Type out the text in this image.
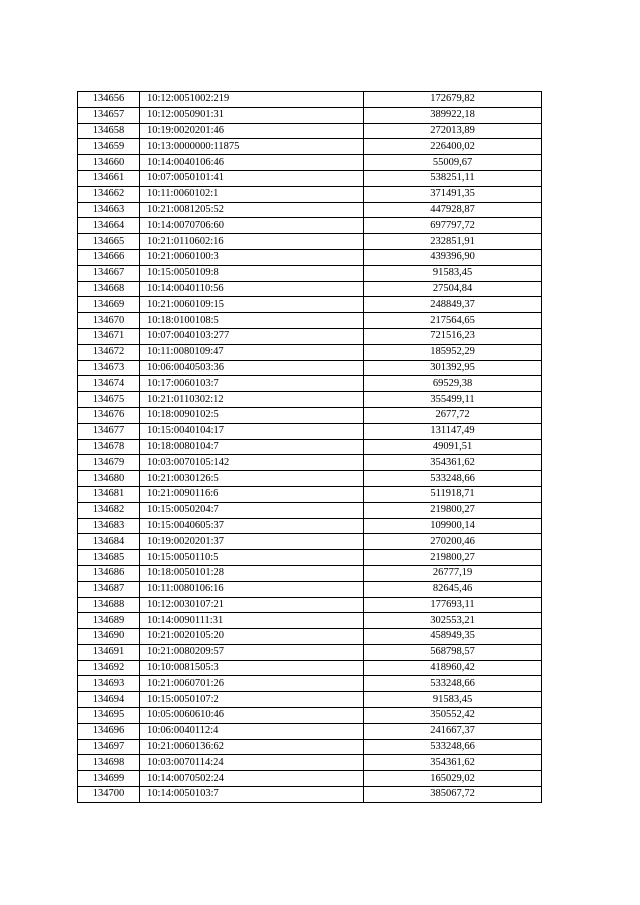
134656	10:12:0051002:219	172679,82
134657	10:12:0050901:31	389922,18
134658	10:19:0020201:46	272013,89
134659	10:13:0000000:11875	226400,02
134660	10:14:0040106:46	55009,67
134661	10:07:0050101:41	538251,11
134662	10:11:0060102:1	371491,35
134663	10:21:0081205:52	447928,87
134664	10:14:0070706:60	697797,72
134665	10:21:0110602:16	232851,91
134666	10:21:0060100:3	439396,90
134667	10:15:0050109:8	91583,45
134668	10:14:0040110:56	27504,84
134669	10:21:0060109:15	248849,37
134670	10:18:0100108:5	217564,65
134671	10:07:0040103:277	721516,23
134672	10:11:0080109:47	185952,29
134673	10:06:0040503:36	301392,95
134674	10:17:0060103:7	69529,38
134675	10:21:0110302:12	355499,11
134676	10:18:0090102:5	2677,72
134677	10:15:0040104:17	131147,49
134678	10:18:0080104:7	49091,51
134679	10:03:0070105:142	354361,62
134680	10:21:0030126:5	533248,66
134681	10:21:0090116:6	511918,71
134682	10:15:0050204:7	219800,27
134683	10:15:0040605:37	109900,14
134684	10:19:0020201:37	270200,46
134685	10:15:0050110:5	219800,27
134686	10:18:0050101:28	26777,19
134687	10:11:0080106:16	82645,46
134688	10:12:0030107:21	177693,11
134689	10:14:0090111:31	302553,21
134690	10:21:0020105:20	458949,35
134691	10:21:0080209:57	568798,57
134692	10:10:0081505:3	418960,42
134693	10:21:0060701:26	533248,66
134694	10:15:0050107:2	91583,45
134695	10:05:0060610:46	350552,42
134696	10:06:0040112:4	241667,37
134697	10:21:0060136:62	533248,66
134698	10:03:0070114:24	354361,62
134699	10:14:0070502:24	165029,02
134700	10:14:0050103:7	385067,72
